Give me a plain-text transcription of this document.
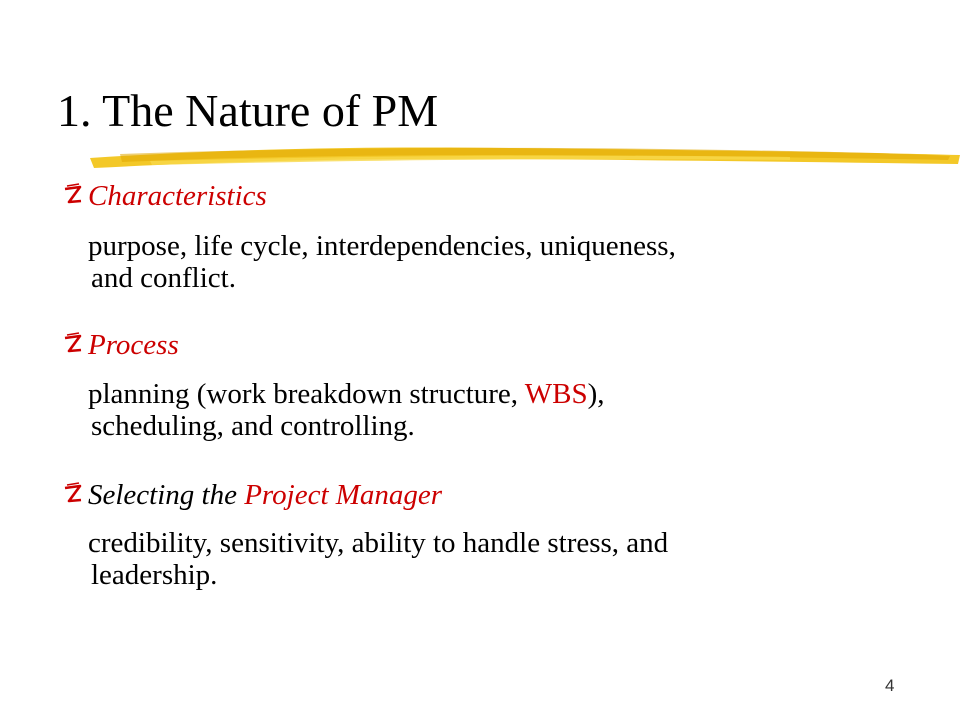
1. The Nature of PM
Characteristics
purpose, life cycle, interdependencies, uniqueness,
and conflict.
Process
planning (work breakdown structure, WBS),
scheduling, and controlling.
Selecting the Project Manager
credibility, sensitivity, ability to handle stress, and
leadership.
4
